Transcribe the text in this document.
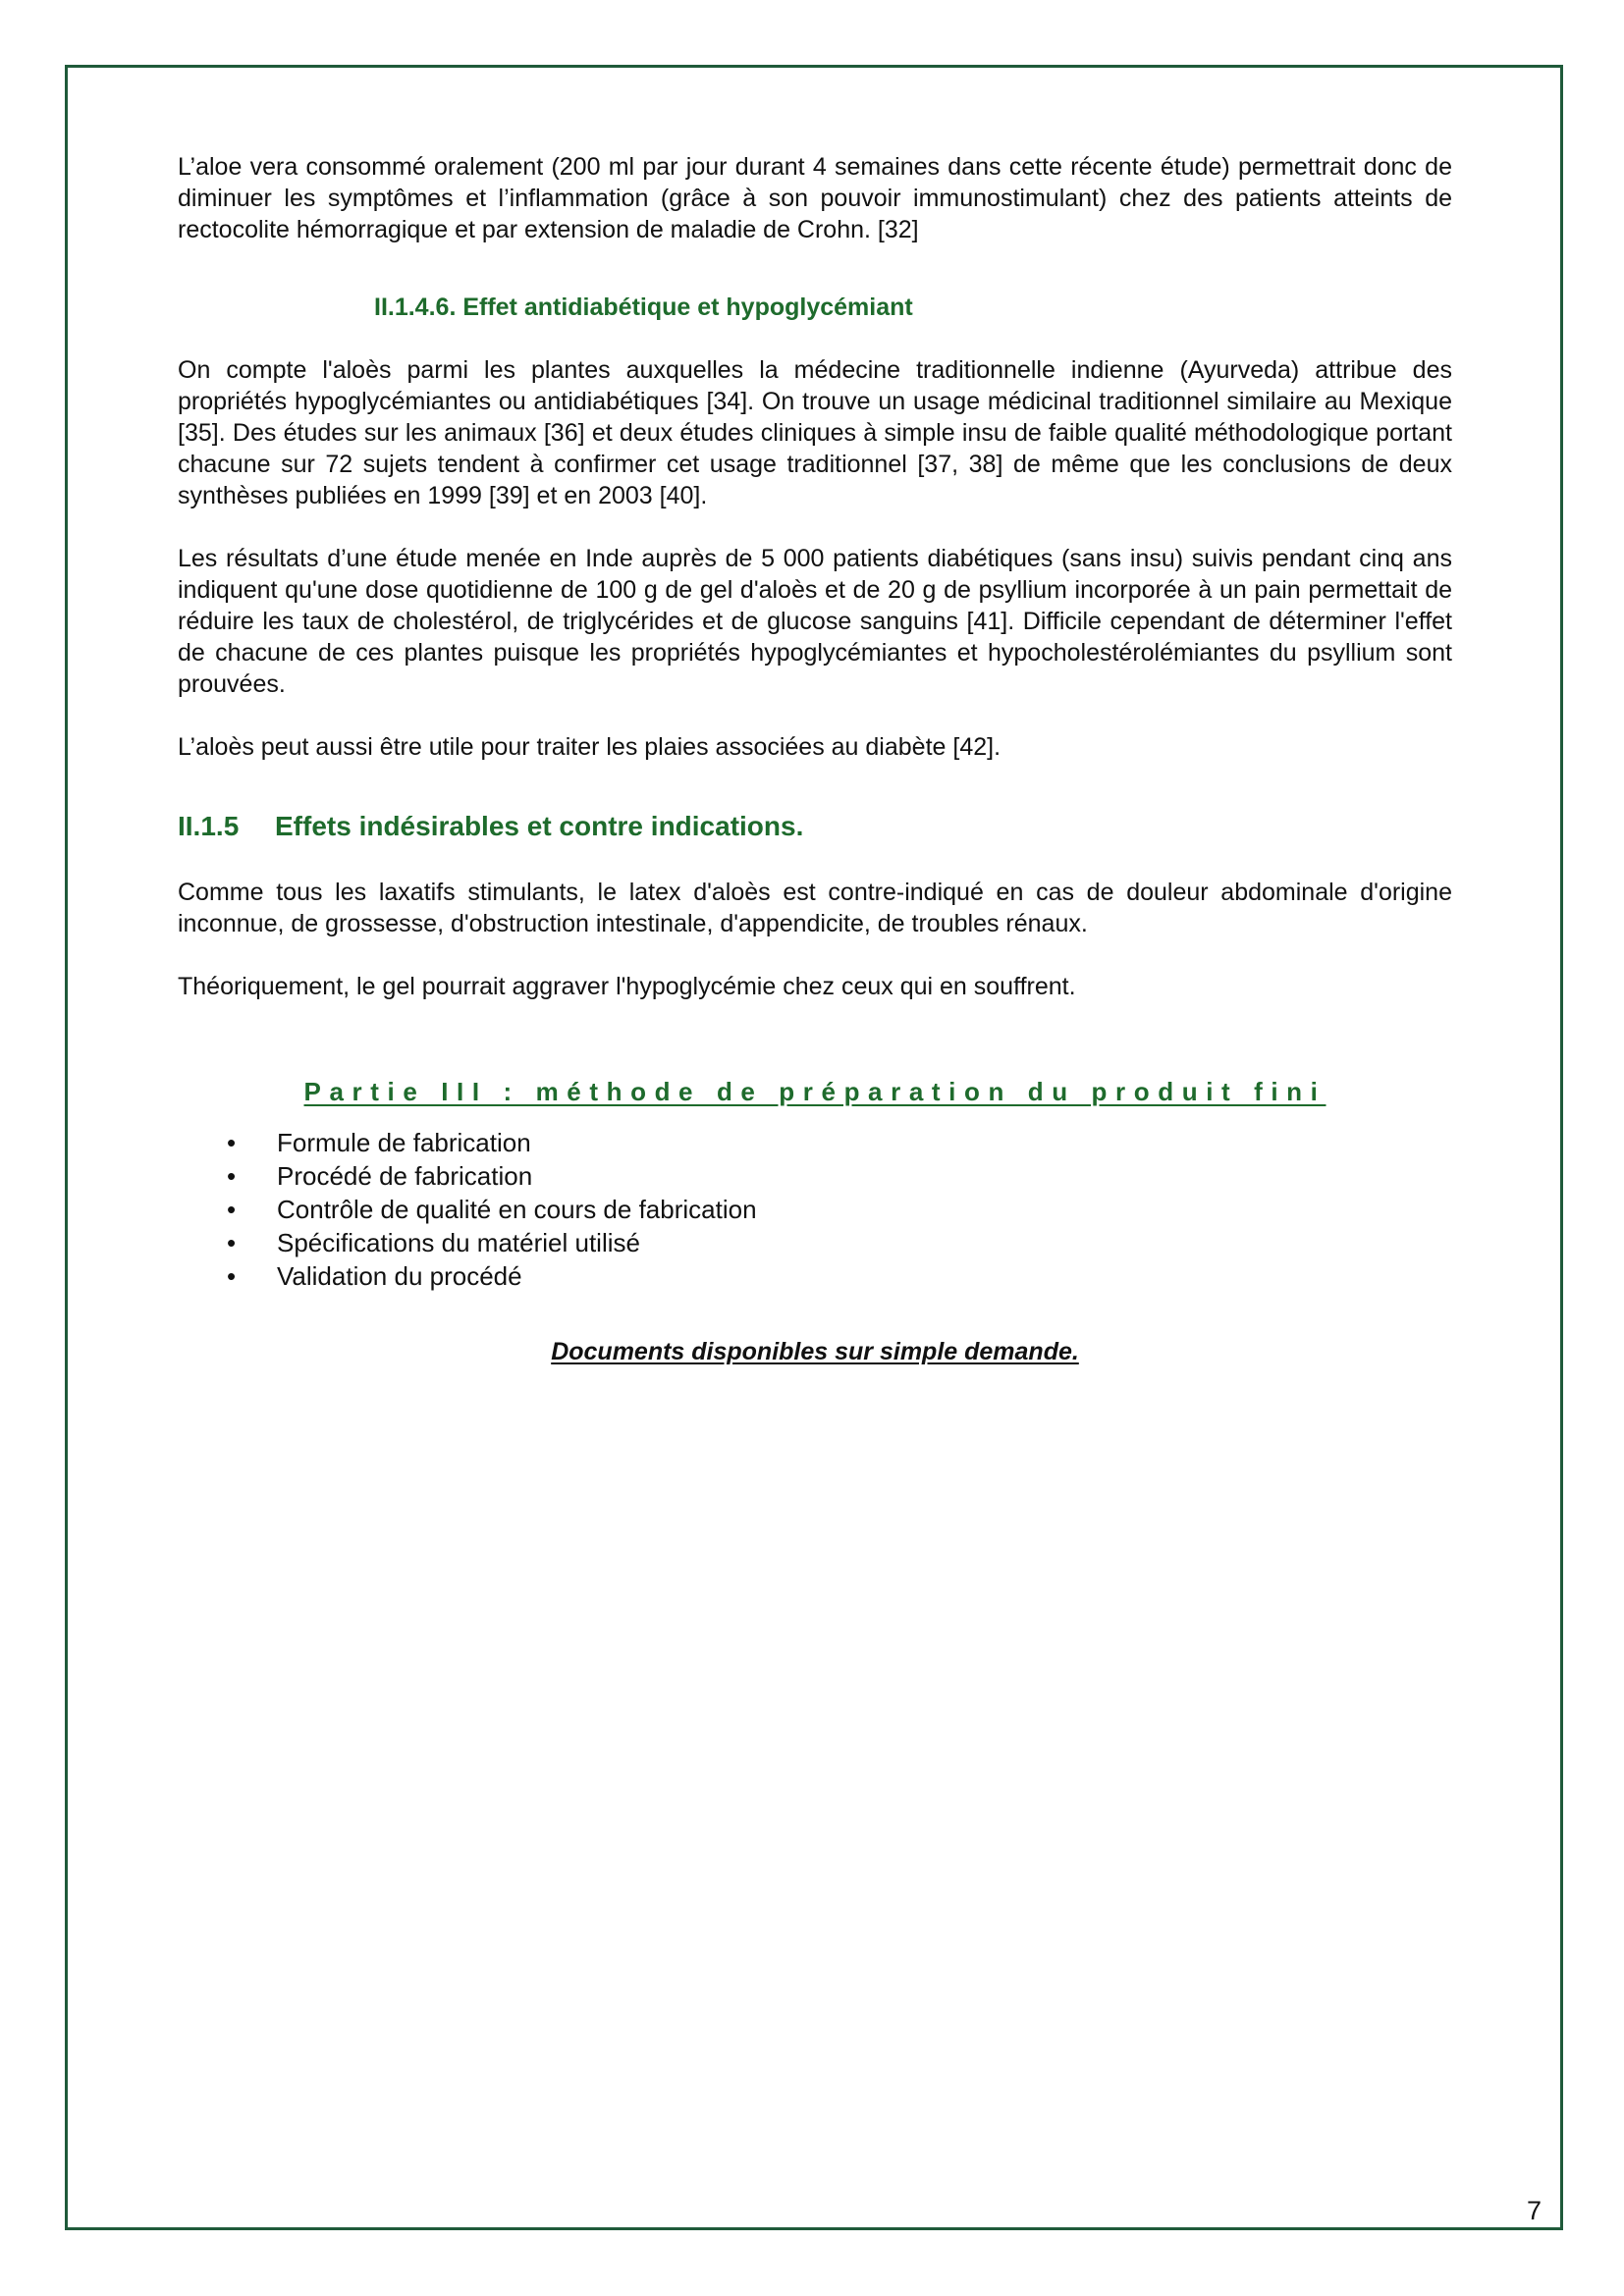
L’aloe vera consommé oralement (200 ml par jour durant 4 semaines dans cette récente étude) permettrait donc de diminuer les symptômes et l’inflammation (grâce à son pouvoir immunostimulant) chez des patients atteints de rectocolite hémorragique et par extension de maladie de Crohn. [32]

II.1.4.6. Effet antidiabétique et hypoglycémiant

On compte l'aloès parmi les plantes auxquelles la médecine traditionnelle indienne (Ayurveda) attribue des propriétés hypoglycémiantes ou antidiabétiques [34]. On trouve un usage médicinal traditionnel similaire au Mexique [35]. Des études sur les animaux [36] et deux études cliniques à simple insu de faible qualité méthodologique portant chacune sur 72 sujets tendent à confirmer cet usage traditionnel [37, 38] de même que les conclusions de deux synthèses publiées en 1999 [39] et en 2003 [40].

Les résultats d’une étude menée en Inde auprès de 5 000 patients diabétiques (sans insu) suivis pendant cinq ans indiquent qu'une dose quotidienne de 100 g de gel d'aloès et de 20 g de psyllium incorporée à un pain permettait de réduire les taux de cholestérol, de triglycérides et de glucose sanguins [41]. Difficile cependant de déterminer l'effet de chacune de ces plantes puisque les propriétés hypoglycémiantes et hypocholestérolémiantes du psyllium sont prouvées.

L’aloès peut aussi être utile pour traiter les plaies associées au diabète [42].

II.1.5 Effets indésirables et contre indications.

Comme tous les laxatifs stimulants, le latex d'aloès est contre-indiqué en cas de douleur abdominale d'origine inconnue, de grossesse, d'obstruction intestinale, d'appendicite, de troubles rénaux.

Théoriquement, le gel pourrait aggraver l'hypoglycémie chez ceux qui en souffrent.

Partie III : méthode de préparation du produit fini
•	Formule de fabrication
•	Procédé de fabrication
•	Contrôle de qualité en cours de fabrication
•	Spécifications du matériel utilisé
•	Validation du procédé

Documents disponibles sur simple demande.

7
